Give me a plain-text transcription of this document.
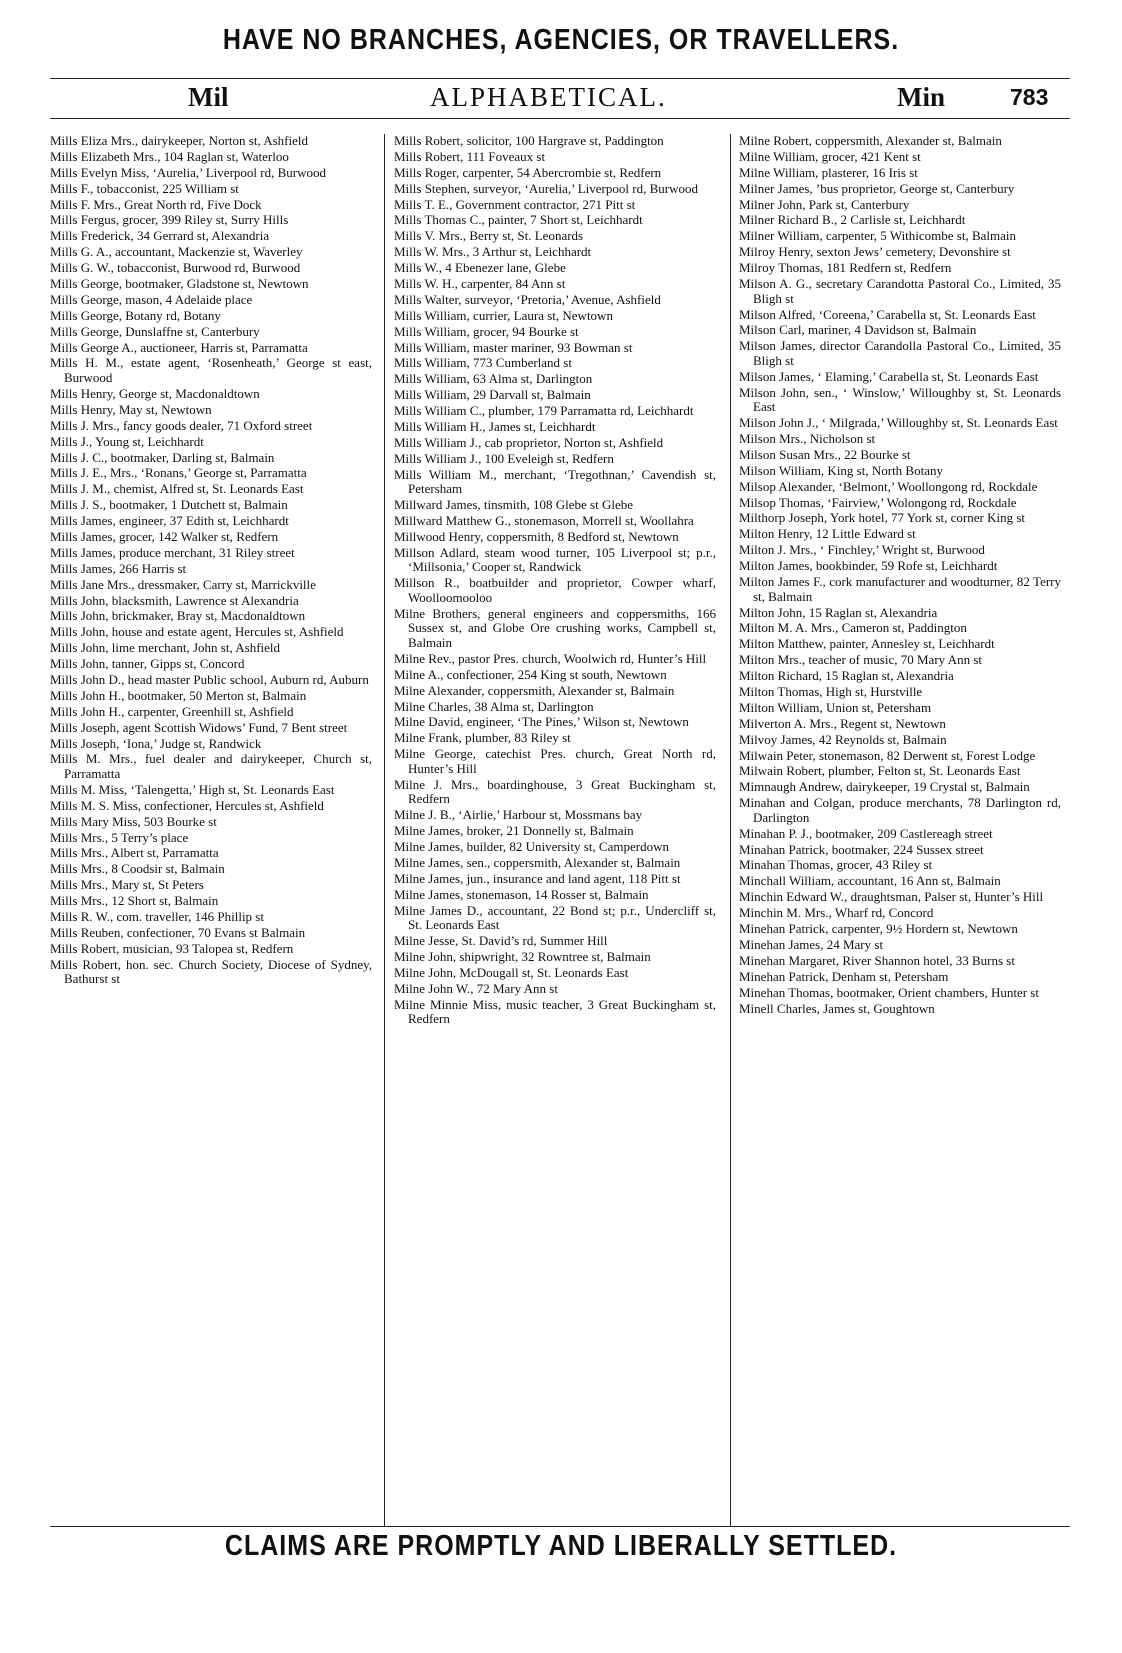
HAVE NO BRANCHES, AGENCIES, OR TRAVELLERS.
Mil	ALPHABETICAL.	Min	783

Mills Eliza Mrs., dairykeeper, Norton st, Ashfield

Mills Elizabeth Mrs., 104 Raglan st, Waterloo

Mills Evelyn Miss, ‘Aurelia,’ Liverpool rd, Burwood

Mills F., tobacconist, 225 William st

Mills F. Mrs., Great North rd, Five Dock

Mills Fergus, grocer, 399 Riley st, Surry Hills

Mills Frederick, 34 Gerrard st, Alexandria

Mills G. A., accountant, Mackenzie st, Waverley

Mills G. W., tobacconist, Burwood rd, Burwood

Mills George, bootmaker, Gladstone st, Newtown

Mills George, mason, 4 Adelaide place

Mills George, Botany rd, Botany

Mills George, Dunslaffne st, Canterbury

Mills George A., auctioneer, Harris st, Parramatta

Mills H. M., estate agent, ‘Rosenheath,’ George st east, Burwood

Mills Henry, George st, Macdonaldtown

Mills Henry, May st, Newtown

Mills J. Mrs., fancy goods dealer, 71 Oxford street

Mills J., Young st, Leichhardt

Mills J. C., bootmaker, Darling st, Balmain

Mills J. E., Mrs., ‘Ronans,’ George st, Parramatta

Mills J. M., chemist, Alfred st, St. Leonards East

Mills J. S., bootmaker, 1 Dutchett st, Balmain

Mills James, engineer, 37 Edith st, Leichhardt

Mills James, grocer, 142 Walker st, Redfern

Mills James, produce merchant, 31 Riley street

Mills James, 266 Harris st

Mills Jane Mrs., dressmaker, Carry st, Marrickville

Mills John, blacksmith, Lawrence st Alexandria

Mills John, brickmaker, Bray st, Macdonaldtown

Mills John, house and estate agent, Hercules st, Ashfield

Mills John, lime merchant, John st, Ashfield

Mills John, tanner, Gipps st, Concord

Mills John D., head master Public school, Auburn rd, Auburn

Mills John H., bootmaker, 50 Merton st, Balmain

Mills John H., carpenter, Greenhill st, Ashfield

Mills Joseph, agent Scottish Widows’ Fund, 7 Bent street

Mills Joseph, ‘Iona,’ Judge st, Randwick

Mills M. Mrs., fuel dealer and dairykeeper, Church st, Parramatta

Mills M. Miss, ‘Talengetta,’ High st, St. Leonards East

Mills M. S. Miss, confectioner, Hercules st, Ashfield

Mills Mary Miss, 503 Bourke st

Mills Mrs., 5 Terry’s place

Mills Mrs., Albert st, Parramatta

Mills Mrs., 8 Coodsir st, Balmain

Mills Mrs., Mary st, St Peters

Mills Mrs., 12 Short st, Balmain

Mills R. W., com. traveller, 146 Phillip st

Mills Reuben, confectioner, 70 Evans st Balmain

Mills Robert, musician, 93 Talopea st, Redfern

Mills Robert, hon. sec. Church Society, Diocese of Sydney, Bathurst st

Mills Robert, solicitor, 100 Hargrave st, Paddington

Mills Robert, 111 Foveaux st

Mills Roger, carpenter, 54 Abercrombie st, Redfern

Mills Stephen, surveyor, ‘Aurelia,’ Liverpool rd, Burwood

Mills T. E., Government contractor, 271 Pitt st

Mills Thomas C., painter, 7 Short st, Leichhardt

Mills V. Mrs., Berry st, St. Leonards

Mills W. Mrs., 3 Arthur st, Leichhardt

Mills W., 4 Ebenezer lane, Glebe

Mills W. H., carpenter, 84 Ann st

Mills Walter, surveyor, ‘Pretoria,’ Avenue, Ashfield

Mills William, currier, Laura st, Newtown

Mills William, grocer, 94 Bourke st

Mills William, master mariner, 93 Bowman st

Mills William, 773 Cumberland st

Mills William, 63 Alma st, Darlington

Mills William, 29 Darvall st, Balmain

Mills William C., plumber, 179 Parramatta rd, Leichhardt

Mills William H., James st, Leichhardt

Mills William J., cab proprietor, Norton st, Ashfield

Mills William J., 100 Eveleigh st, Redfern

Mills William M., merchant, ‘Tregothnan,’ Cavendish st, Petersham

Millward James, tinsmith, 108 Glebe st Glebe

Millward Matthew G., stonemason, Morrell st, Woollahra

Millwood Henry, coppersmith, 8 Bedford st, Newtown

Millson Adlard, steam wood turner, 105 Liverpool st; p.r., ‘Millsonia,’ Cooper st, Randwick

Millson R., boatbuilder and proprietor, Cowper wharf, Woolloomooloo

Milne Brothers, general engineers and coppersmiths, 166 Sussex st, and Globe Ore crushing works, Campbell st, Balmain

Milne Rev., pastor Pres. church, Woolwich rd, Hunter’s Hill

Milne A., confectioner, 254 King st south, Newtown

Milne Alexander, coppersmith, Alexander st, Balmain

Milne Charles, 38 Alma st, Darlington

Milne David, engineer, ‘The Pines,’ Wilson st, Newtown

Milne Frank, plumber, 83 Riley st

Milne George, catechist Pres. church, Great North rd, Hunter’s Hill

Milne J. Mrs., boardinghouse, 3 Great Buckingham st, Redfern

Milne J. B., ‘Airlie,’ Harbour st, Mossmans bay

Milne James, broker, 21 Donnelly st, Balmain

Milne James, builder, 82 University st, Camperdown

Milne James, sen., coppersmith, Alexander st, Balmain

Milne James, jun., insurance and land agent, 118 Pitt st

Milne James, stonemason, 14 Rosser st, Balmain

Milne James D., accountant, 22 Bond st; p.r., Undercliff st, St. Leonards East

Milne Jesse, St. David’s rd, Summer Hill

Milne John, shipwright, 32 Rowntree st, Balmain

Milne John, McDougall st, St. Leonards East

Milne John W., 72 Mary Ann st

Milne Minnie Miss, music teacher, 3 Great Buckingham st, Redfern

Milne Robert, coppersmith, Alexander st, Balmain

Milne William, grocer, 421 Kent st

Milne William, plasterer, 16 Iris st

Milner James, ’bus proprietor, George st, Canterbury

Milner John, Park st, Canterbury

Milner Richard B., 2 Carlisle st, Leichhardt

Milner William, carpenter, 5 Withicombe st, Balmain

Milroy Henry, sexton Jews’ cemetery, Devonshire st

Milroy Thomas, 181 Redfern st, Redfern

Milson A. G., secretary Carandotta Pastoral Co., Limited, 35 Bligh st

Milson Alfred, ‘Coreena,’ Carabella st, St. Leonards East

Milson Carl, mariner, 4 Davidson st, Balmain

Milson James, director Carandolla Pastoral Co., Limited, 35 Bligh st

Milson James, ‘ Elaming,’ Carabella st, St. Leonards East

Milson John, sen., ‘ Winslow,’ Willoughby st, St. Leonards East

Milson John J., ‘ Milgrada,’ Willoughby st, St. Leonards East

Milson Mrs., Nicholson st

Milson Susan Mrs., 22 Bourke st

Milson William, King st, North Botany

Milsop Alexander, ‘Belmont,’ Woollongong rd, Rockdale

Milsop Thomas, ‘Fairview,’ Wolongong rd, Rockdale

Milthorp Joseph, York hotel, 77 York st, corner King st

Milton Henry, 12 Little Edward st

Milton J. Mrs., ‘ Finchley,’ Wright st, Burwood

Milton James, bookbinder, 59 Rofe st, Leichhardt

Milton James F., cork manufacturer and woodturner, 82 Terry st, Balmain

Milton John, 15 Raglan st, Alexandria

Milton M. A. Mrs., Cameron st, Paddington

Milton Matthew, painter, Annesley st, Leichhardt

Milton Mrs., teacher of music, 70 Mary Ann st

Milton Richard, 15 Raglan st, Alexandria

Milton Thomas, High st, Hurstville

Milton William, Union st, Petersham

Milverton A. Mrs., Regent st, Newtown

Milvoy James, 42 Reynolds st, Balmain

Milwain Peter, stonemason, 82 Derwent st, Forest Lodge

Milwain Robert, plumber, Felton st, St. Leonards East

Mimnaugh Andrew, dairykeeper, 19 Crystal st, Balmain

Minahan and Colgan, produce merchants, 78 Darlington rd, Darlington

Minahan P. J., bootmaker, 209 Castlereagh street

Minahan Patrick, bootmaker, 224 Sussex street

Minahan Thomas, grocer, 43 Riley st

Minchall William, accountant, 16 Ann st, Balmain

Minchin Edward W., draughtsman, Palser st, Hunter’s Hill

Minchin M. Mrs., Wharf rd, Concord

Minehan Patrick, carpenter, 9½ Hordern st, Newtown

Minehan James, 24 Mary st

Minehan Margaret, River Shannon hotel, 33 Burns st

Minehan Patrick, Denham st, Petersham

Minehan Thomas, bootmaker, Orient chambers, Hunter st

Minell Charles, James st, Goughtown

CLAIMS ARE PROMPTLY AND LIBERALLY SETTLED.
